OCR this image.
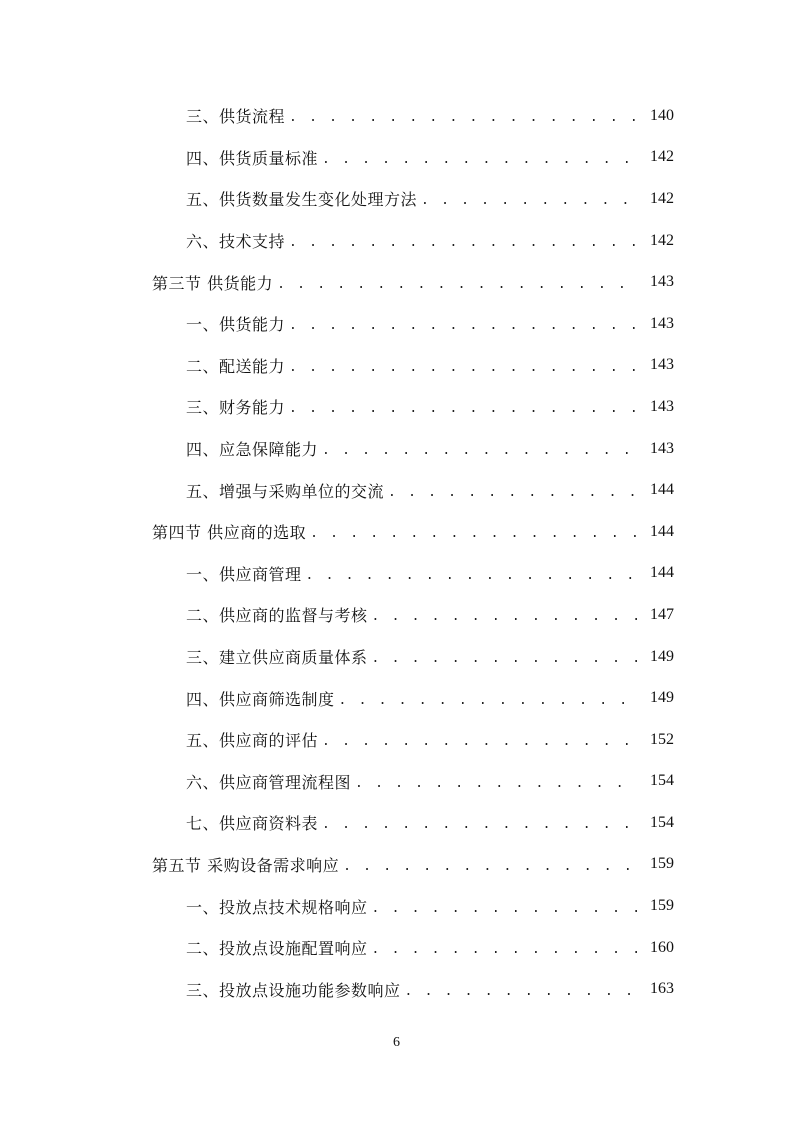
三、供货流程 . . .	140
四、供货质量标准 . . .	142
五、供货数量发生变化处理方法 . . .	142
六、技术支持 . . .	142
第三节 供货能力 . . .	143
一、供货能力 . . .	143
二、配送能力 . . .	143
三、财务能力 . . .	143
四、应急保障能力 . . .	143
五、增强与采购单位的交流 . . .	144
第四节 供应商的选取 . . .	144
一、供应商管理 . . .	144
二、供应商的监督与考核 . . .	147
三、建立供应商质量体系 . . .	149
四、供应商筛选制度 . . .	149
五、供应商的评估 . . .	152
六、供应商管理流程图 . . .	154
七、供应商资料表 . . .	154
第五节 采购设备需求响应 . . .	159
一、投放点技术规格响应 . . .	159
二、投放点设施配置响应 . . .	160
三、投放点设施功能参数响应 . . .	163
6
